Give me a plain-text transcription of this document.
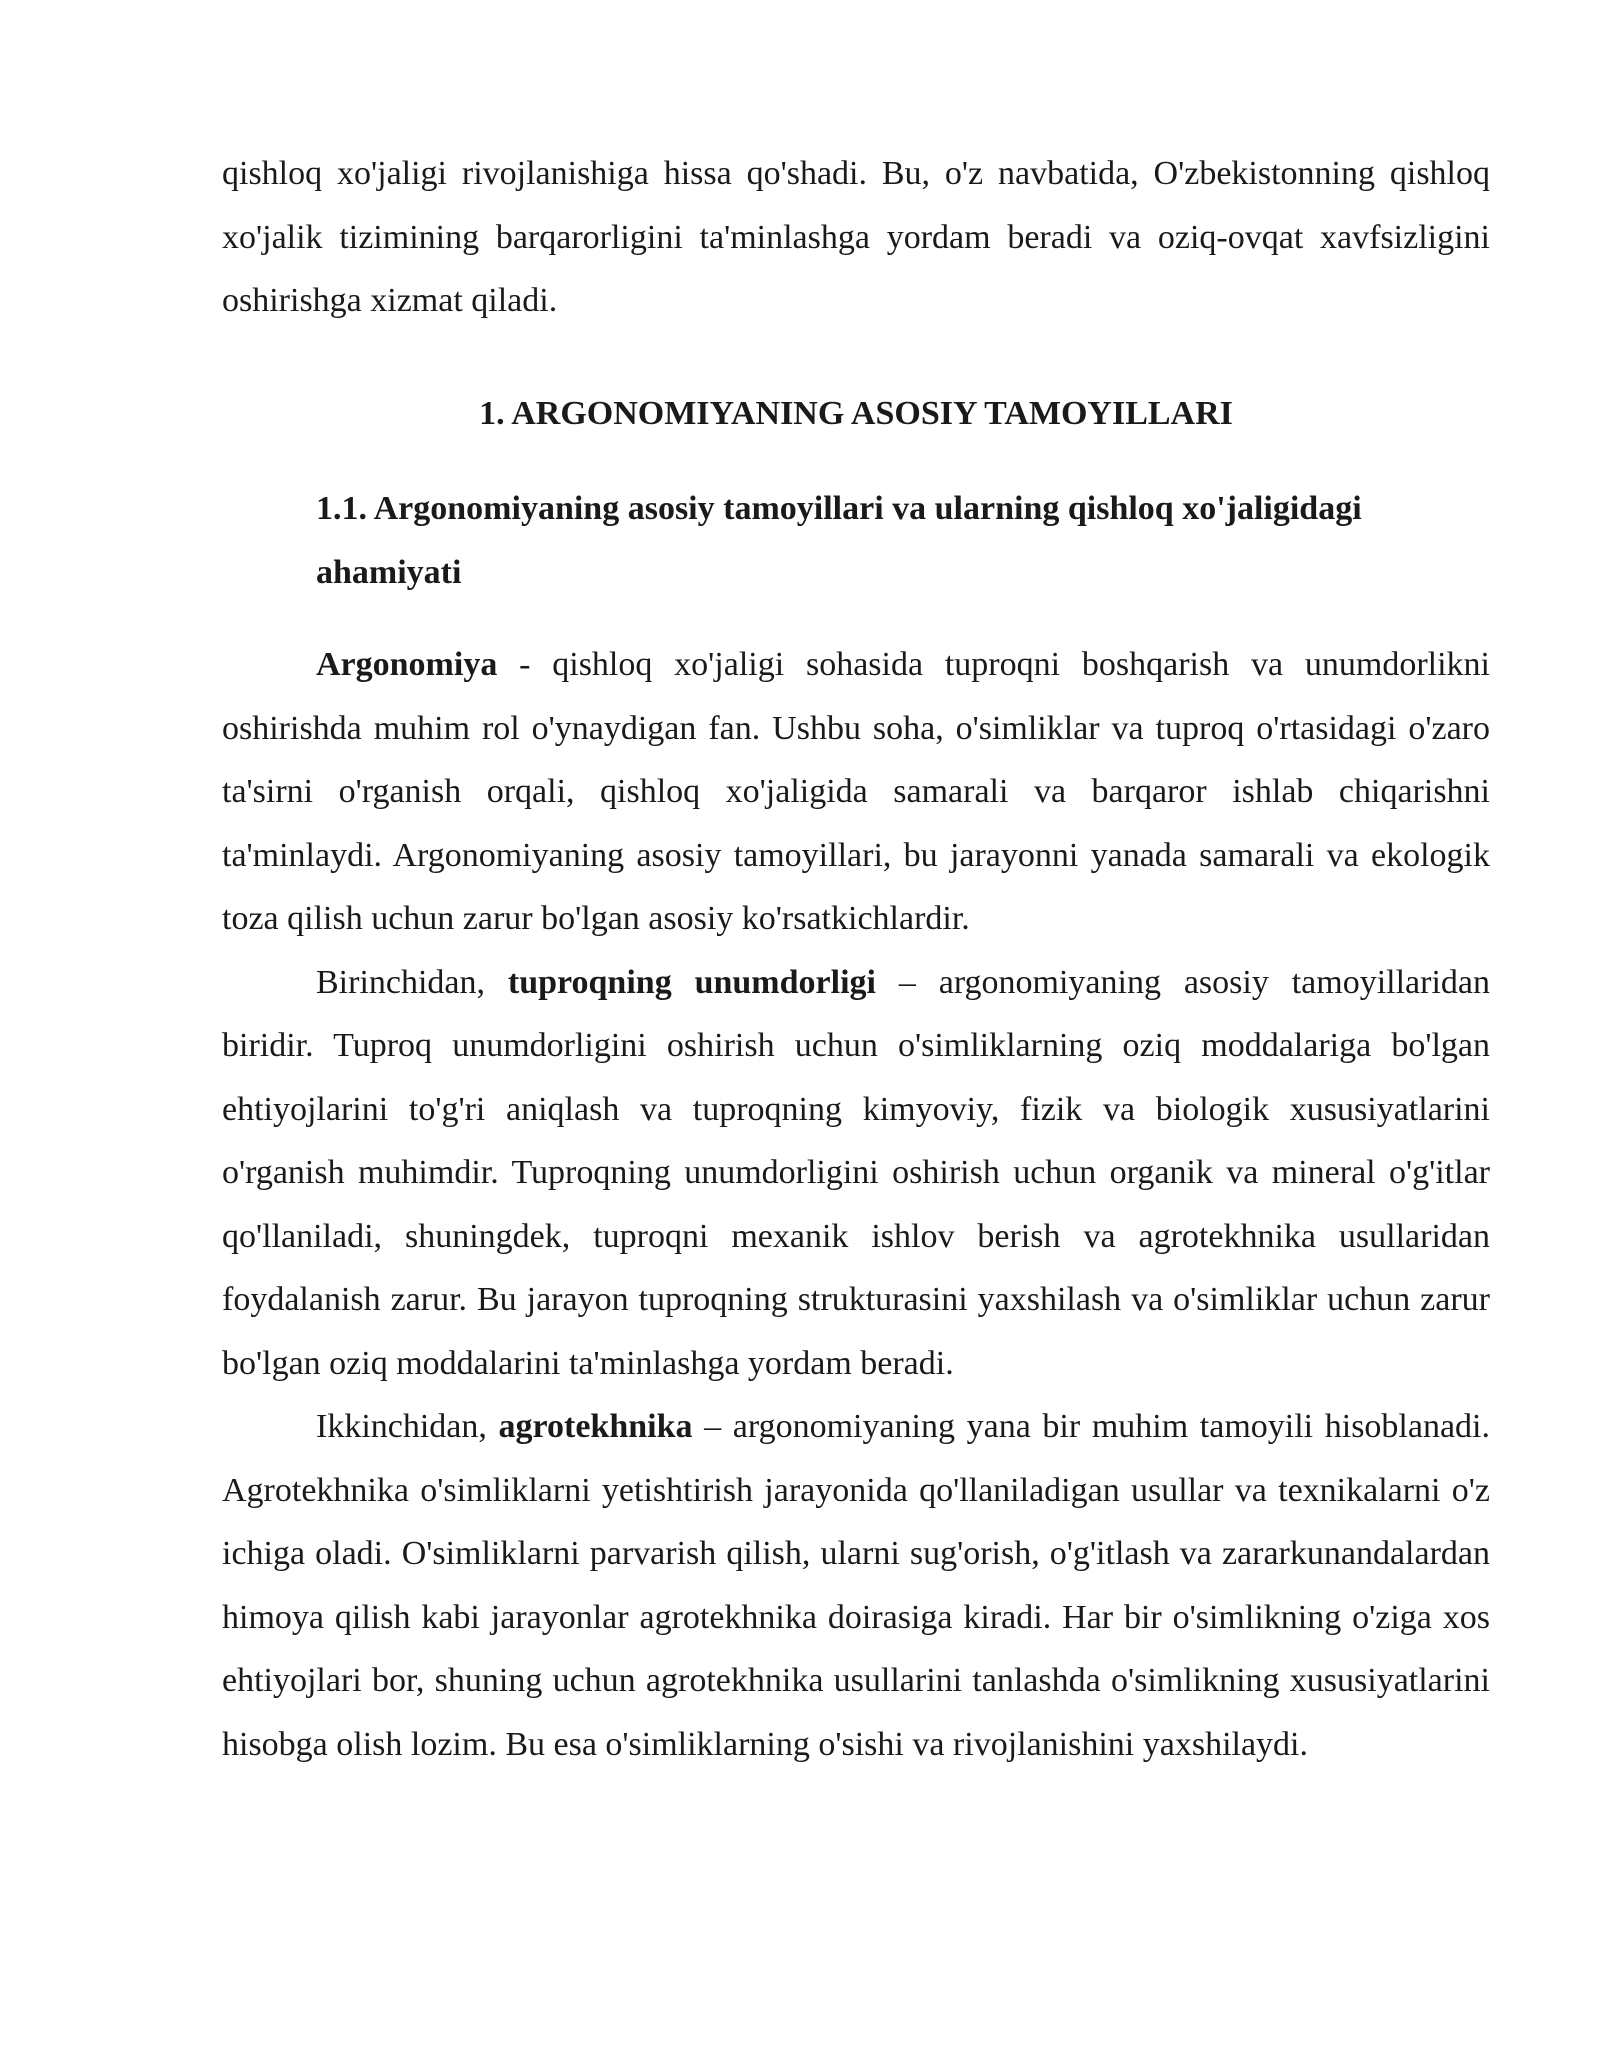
qishloq xo'jaligi rivojlanishiga hissa qo'shadi. Bu, o'z navbatida, O'zbekistonning qishloq xo'jalik tizimining barqarorligini ta'minlashga yordam beradi va oziq-ovqat xavfsizligini oshirishga xizmat qiladi.

1. ARGONOMIYANING ASOSIY TAMOYILLARI
1.1. Argonomiyaning asosiy tamoyillari va ularning qishloq xo'jaligidagi ahamiyati

Argonomiya - qishloq xo'jaligi sohasida tuproqni boshqarish va unumdorlikni oshirishda muhim rol o'ynaydigan fan. Ushbu soha, o'simliklar va tuproq o'rtasidagi o'zaro ta'sirni o'rganish orqali, qishloq xo'jaligida samarali va barqaror ishlab chiqarishni ta'minlaydi. Argonomiyaning asosiy tamoyillari, bu jarayonni yanada samarali va ekologik toza qilish uchun zarur bo'lgan asosiy ko'rsatkichlardir.

Birinchidan, tuproqning unumdorligi – argonomiyaning asosiy tamoyillaridan biridir. Tuproq unumdorligini oshirish uchun o'simliklarning oziq moddalariga bo'lgan ehtiyojlarini to'g'ri aniqlash va tuproqning kimyoviy, fizik va biologik xususiyatlarini o'rganish muhimdir. Tuproqning unumdorligini oshirish uchun organik va mineral o'g'itlar qo'llaniladi, shuningdek, tuproqni mexanik ishlov berish va agrotekhnika usullaridan foydalanish zarur. Bu jarayon tuproqning strukturasini yaxshilash va o'simliklar uchun zarur bo'lgan oziq moddalarini ta'minlashga yordam beradi.

Ikkinchidan, agrotekhnika – argonomiyaning yana bir muhim tamoyili hisoblanadi. Agrotekhnika o'simliklarni yetishtirish jarayonida qo'llaniladigan usullar va texnikalarni o'z ichiga oladi. O'simliklarni parvarish qilish, ularni sug'orish, o'g'itlash va zararkunandalardan himoya qilish kabi jarayonlar agrotekhnika doirasiga kiradi. Har bir o'simlikning o'ziga xos ehtiyojlari bor, shuning uchun agrotekhnika usullarini tanlashda o'simlikning xususiyatlarini hisobga olish lozim. Bu esa o'simliklarning o'sishi va rivojlanishini yaxshilaydi.
